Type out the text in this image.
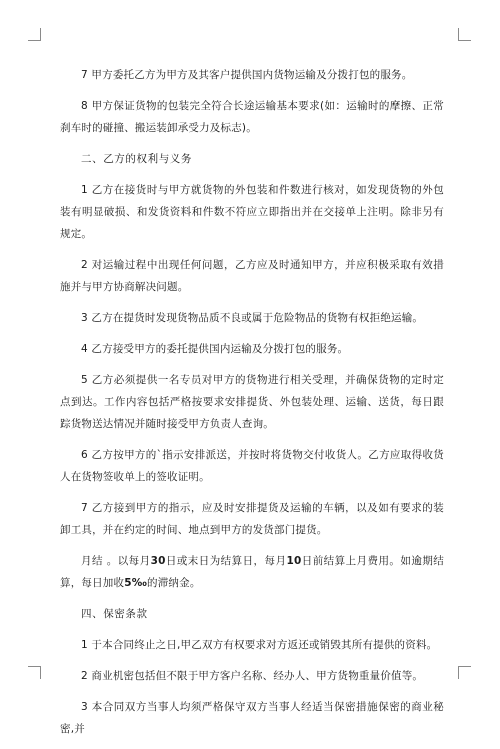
7 甲方委托乙方为甲方及其客户提供国内货物运输及分拨打包的服务。

8 甲方保证货物的包装完全符合长途运输基本要求(如：运输时的摩擦、正常刹车时的碰撞、搬运装卸承受力及标志)。

二、乙方的权利与义务

1 乙方在接货时与甲方就货物的外包装和件数进行核对，如发现货物的外包装有明显破损、和发货资料和件数不符应立即指出并在交接单上注明。除非另有规定。

2 对运输过程中出现任何问题，乙方应及时通知甲方，并应积极采取有效措施并与甲方协商解决问题。

3 乙方在提货时发现货物品质不良或属于危险物品的货物有权拒绝运输。

4 乙方接受甲方的委托提供国内运输及分拨打包的服务。

5 乙方必须提供一名专员对甲方的货物进行相关受理，并确保货物的定时定点到达。工作内容包括严格按要求安排提货、外包装处理、运输、送货，每日跟踪货物送达情况并随时接受甲方负责人查询。

6 乙方按甲方的`指示安排派送，并按时将货物交付收货人。乙方应取得收货人在货物签收单上的签收证明。

7 乙方接到甲方的指示，应及时安排提货及运输的车辆，以及如有要求的装卸工具，并在约定的时间、地点到甲方的发货部门提货。

月结 。以每月30日或末日为结算日，每月10日前结算上月费用。如逾期结算，每日加收5‰的滞纳金。

四、保密条款

1 于本合同终止之日,甲乙双方有权要求对方返还或销毁其所有提供的资料。

2 商业机密包括但不限于甲方客户名称、经办人、甲方货物重量价值等。

3 本合同双方当事人均须严格保守双方当事人经适当保密措施保密的商业秘密,并
